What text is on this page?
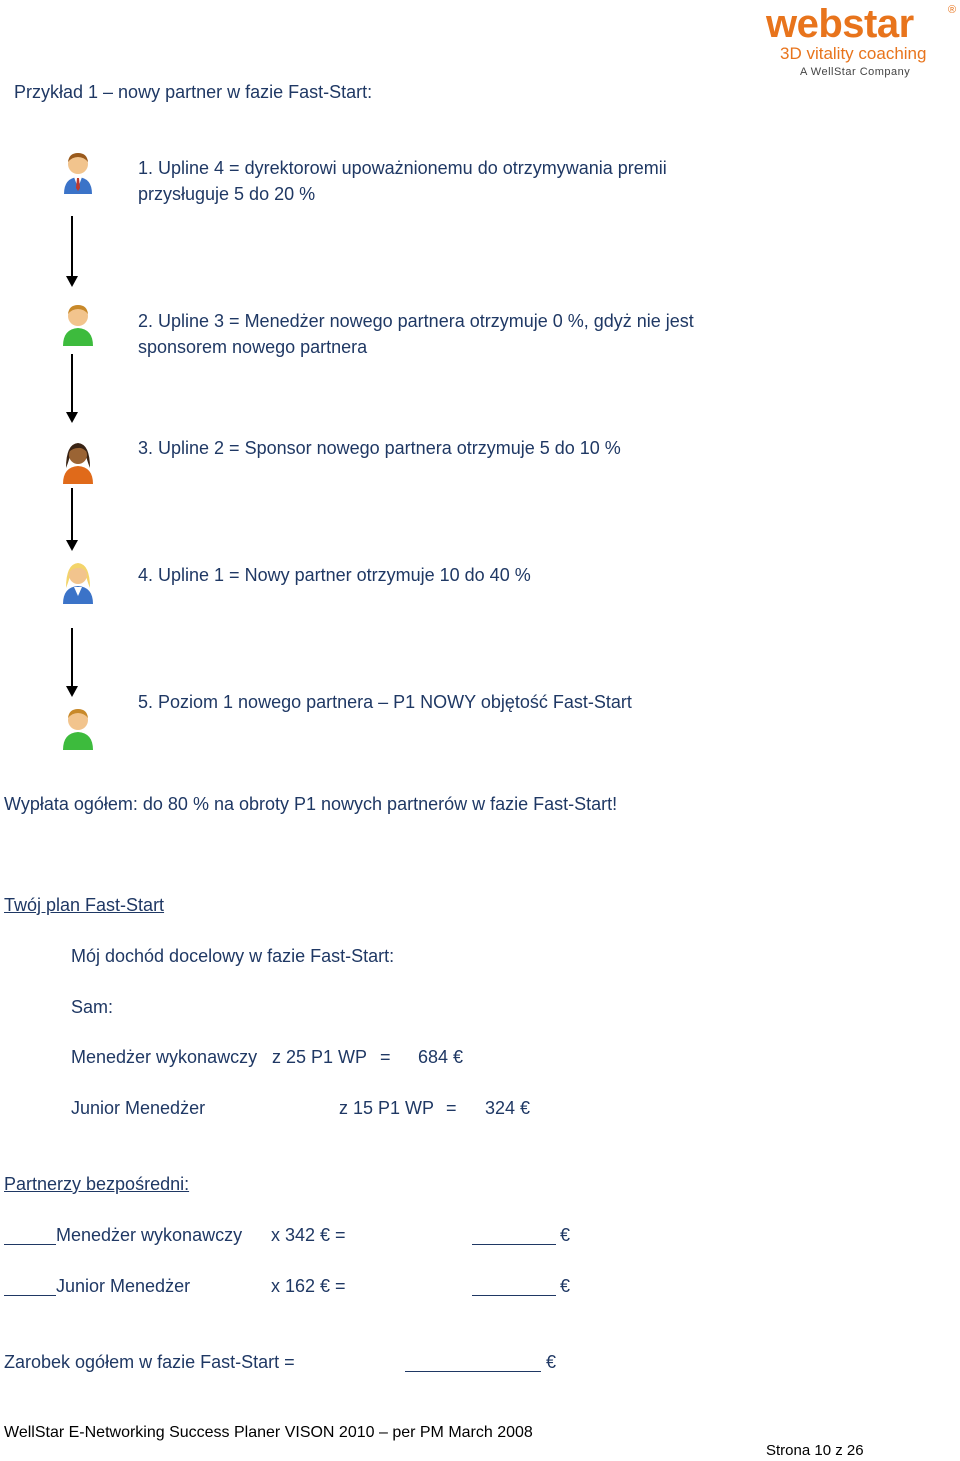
webstar	®
3D vitality coaching
A WellStar Company
Przykład 1 – nowy partner w fazie Fast-Start:
1. Upline 4 = dyrektorowi upoważnionemu do otrzymywania premii
przysługuje 5 do 20 %
2. Upline 3 = Menedżer nowego partnera otrzymuje 0 %, gdyż nie jest
sponsorem nowego partnera
3. Upline 2 = Sponsor nowego partnera otrzymuje 5 do 10 %
4. Upline 1 = Nowy partner otrzymuje 10 do 40 %
5. Poziom 1 nowego partnera – P1 NOWY objętość Fast-Start
Wypłata ogółem: do 80 % na obroty P1 nowych partnerów w fazie Fast-Start!
Twój plan Fast-Start
Mój dochód docelowy w fazie Fast-Start:
Sam:
Menedżer wykonawczy z 25 P1 WP = 684 €
Junior Menedżer	z 15 P1 WP = 324 €
Partnerzy bezpośredni:
Menedżer wykonawczy x 342 € =	€
Junior Menedżer	x 162 € =	€
Zarobek ogółem w fazie Fast-Start =	€
WellStar E-Networking Success Planer VISON 2010 – per PM March 2008
Strona 10 z 26
